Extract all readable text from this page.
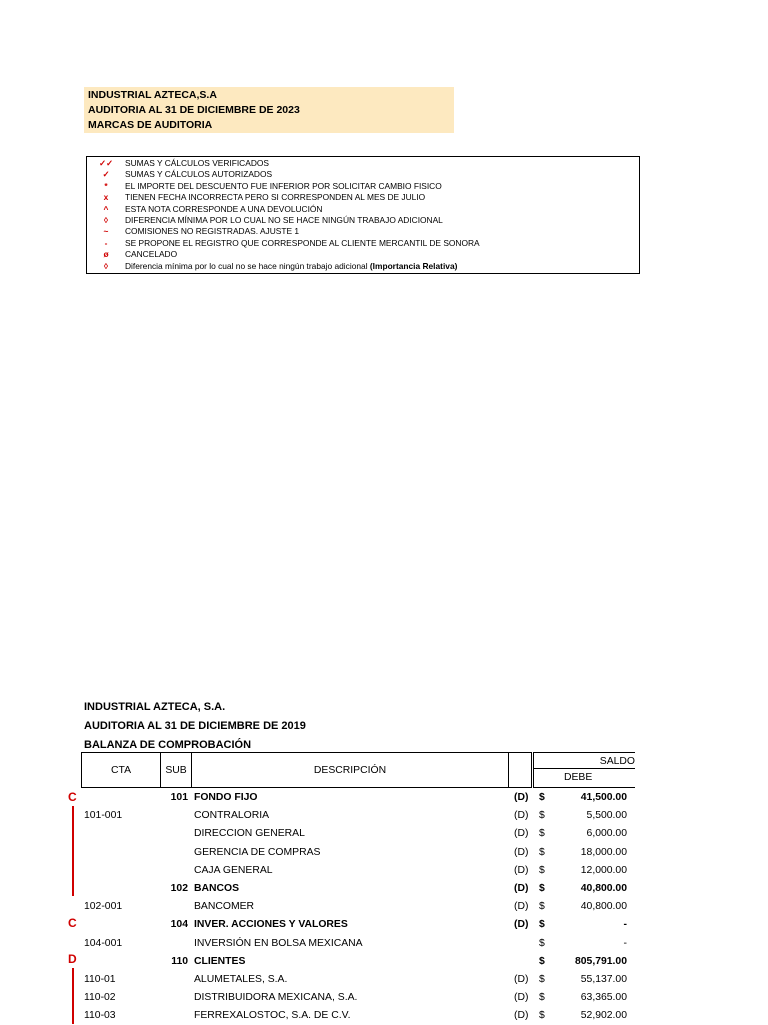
INDUSTRIAL AZTECA,S.A
AUDITORIA AL 31 DE DICIEMBRE DE 2023
MARCAS DE AUDITORIA
✓✓	SUMAS Y CÁLCULOS VERIFICADOS
✓	SUMAS Y CÁLCULOS AUTORIZADOS
*	EL IMPORTE DEL DESCUENTO FUE INFERIOR POR SOLICITAR CAMBIO FISICO
x	TIENEN FECHA INCORRECTA PERO SI CORRESPONDEN AL MES DE JULIO
^	ESTA NOTA CORRESPONDE A UNA DEVOLUCIÓN
◊	DIFERENCIA MÍNIMA POR LO CUAL NO SE HACE NINGÚN TRABAJO ADICIONAL
~	COMISIONES NO REGISTRADAS. AJUSTE 1
-	SE PROPONE EL REGISTRO QUE CORRESPONDE AL CLIENTE MERCANTIL DE SONORA
ø	CANCELADO
◊	Diferencia mínima por lo cual no se hace ningún trabajo adicional (Importancia Relativa)
INDUSTRIAL AZTECA, S.A.
AUDITORIA AL 31 DE DICIEMBRE DE 2019
BALANZA DE COMPROBACIÓN
CTA	SUB	DESCRIPCIÓN	
SALDO
DEBE
101 FONDO FIJO	(D) $	41,500.00
101-001	CONTRALORIA	(D) $	5,500.00
DIRECCION GENERAL	(D) $	6,000.00
GERENCIA DE COMPRAS	(D) $	18,000.00
CAJA GENERAL	(D) $	12,000.00
102 BANCOS	(D) $	40,800.00
102-001	BANCOMER	(D) $	40,800.00
104 INVER. ACCIONES Y VALORES	(D) $	-
104-001	INVERSIÓN EN BOLSA MEXICANA	$	-
110 CLIENTES	$	805,791.00
110-01	ALUMETALES, S.A.	(D) $	55,137.00
110-02	DISTRIBUIDORA MEXICANA, S.A.	(D) $	63,365.00
110-03	FERREXALOSTOC, S.A. DE C.V.	(D) $	52,902.00
C
C
D
